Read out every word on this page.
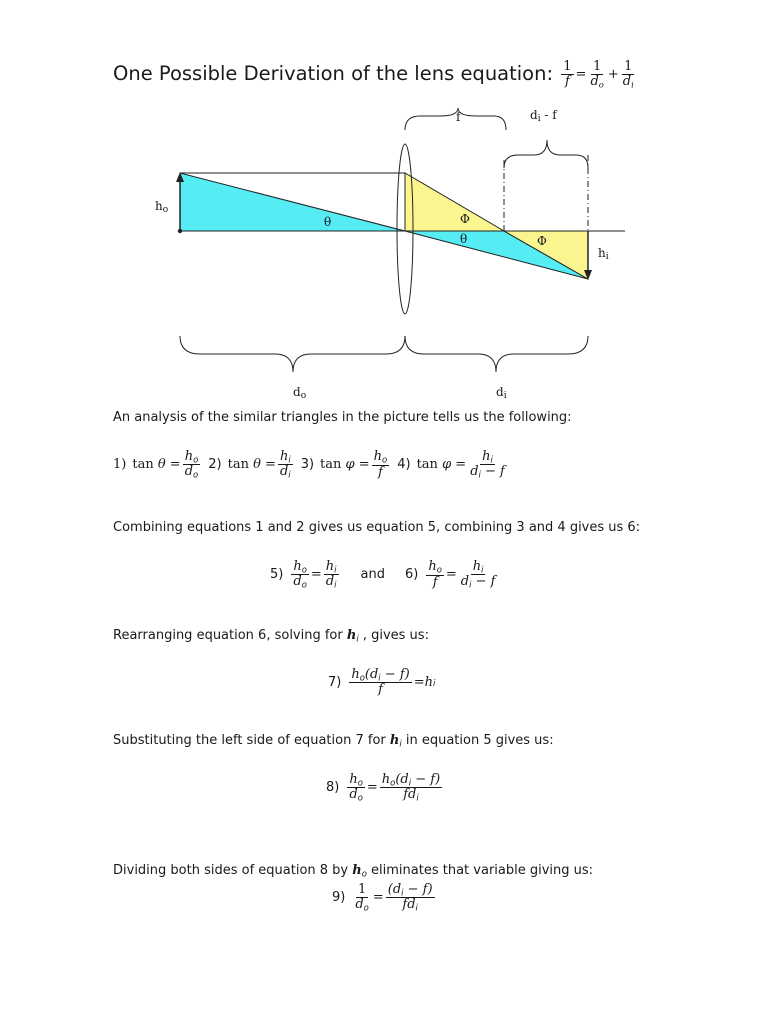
One Possible Derivation of the lens equation: $\frac{1}{f} = \frac{1}{d_o} + \frac{1}{d_i}$
f	di - f
ho
θ	Φ
θ	Φ
hi
do	di
An analysis of the similar triangles in the picture tells us the following:
1) tan
$\theta = \frac{h_o}{d_o} 2$) tan
$\theta = \frac{h_i}{d_i} 3$) tan
$\varphi = \frac{h_o}{f} 4$) tan
$\varphi = \frac{h_i}{d_i - f}$
Combining equations 1 and 2 gives us equation 5, combining 3 and 4 gives us 6:
$5) \frac{h_o}{d_o} = \frac{h_i}{d_i}$ and $6) \frac{h_o}{f} = \frac{h_i}{d_i - f}$
Rearranging equation 6, solving for $h_i$ , gives us:
$7) \frac{h_o(d_i - f)}{f} = h$ i
Substituting the left side of equation 7 for $h_i$ in equation 5 gives us:
$8) \frac{h_o}{d_o} = \frac{h_o(d_i - f)}{fd_i}$
Dividing both sides of equation 8 by $h_o$ eliminates that variable giving us:
$9) \frac{1}{d_o} = \frac{(d_i - f)}{fd_i}$
